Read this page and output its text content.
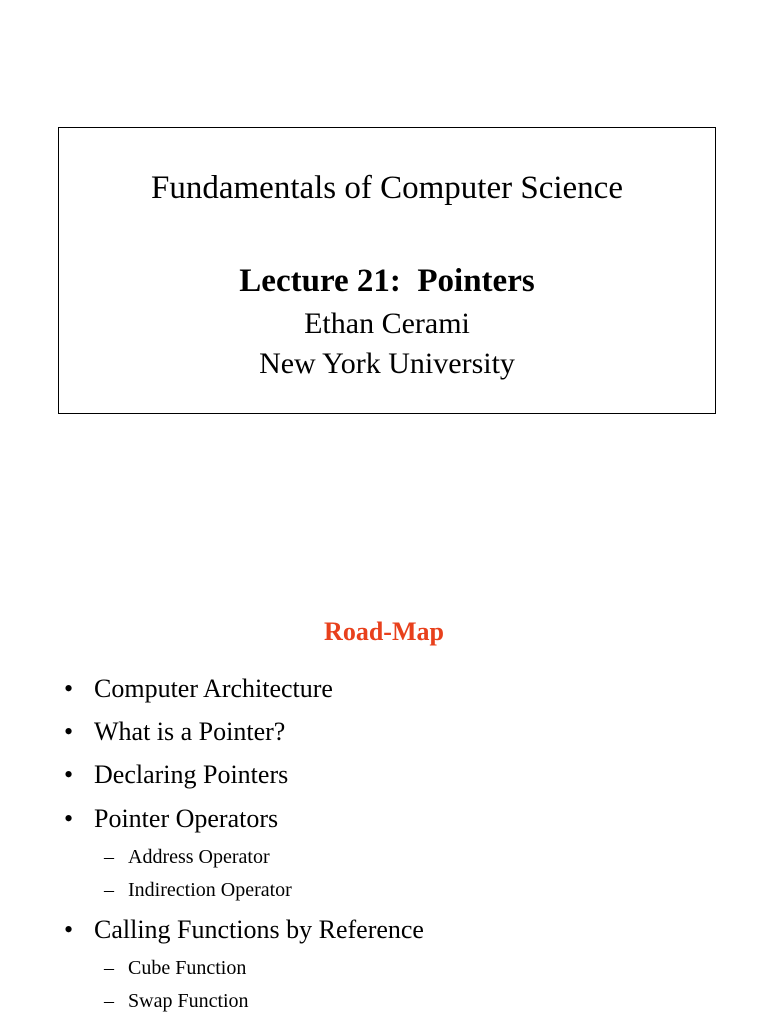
Fundamentals of Computer Science
Lecture 21:  Pointers
Ethan Cerami
New York University
Road-Map
• Computer Architecture
• What is a Pointer?
• Declaring Pointers
• Pointer Operators
– Address Operator
– Indirection Operator
• Calling Functions by Reference
– Cube Function
– Swap Function
